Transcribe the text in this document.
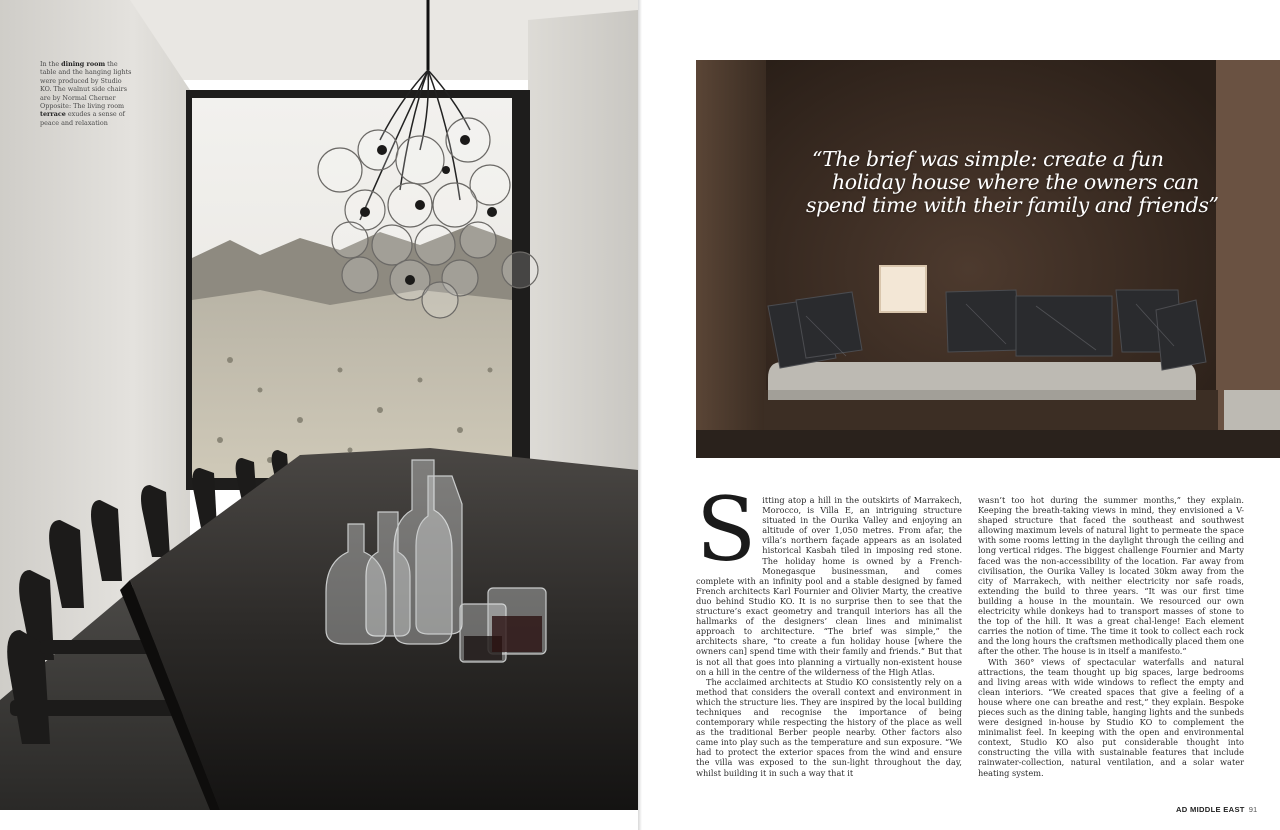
In the dining room the table and the hanging lights were produced by Studio KO. The walnut side chairs are by Normal Cherner Opposite: The living room terrace exudes a sense of peace and relaxation
“The brief was simple: create a fun
holiday house where the owners can
spend time with their family and friends”
S itting atop a hill in the outskirts of Marrakech, Morocco, is Villa E, an intriguing structure situated in the Ourika Valley and enjoying an altitude of over 1,050 metres. From afar, the villa’s northern façade appears as an isolated historical Kasbah tiled in imposing red stone. The holiday home is owned by a French-Monegasque businessman, and comes complete with an infinity pool and a stable designed by famed French architects Karl Fournier and Olivier Marty, the creative duo behind Studio KO. It is no surprise then to see that the structure’s exact geometry and tranquil interiors has all the hallmarks of the designers’ clean lines and minimalist approach to architecture. “The brief was simple,” the architects share, “to create a fun holiday house [where the owners can] spend time with their family and friends.” But that is not all that goes into planning a virtually non-existent house on a hill in the centre of the wilderness of the High Atlas.

The acclaimed architects at Studio KO consistently rely on a method that considers the overall context and environment in which the structure lies. They are inspired by the local building techniques and recognise the importance of being contemporary while respecting the history of the place as well as the traditional Berber people nearby. Other factors also came into play such as the temperature and sun exposure. “We had to protect the exterior spaces from the wind and ensure the villa was exposed to the sun-light throughout the day, whilst building it in such a way that it

wasn’t too hot during the summer months,” they explain. Keeping the breath-taking views in mind, they envisioned a V-shaped structure that faced the southeast and southwest allowing maximum levels of natural light to permeate the space with some rooms letting in the daylight through the ceiling and long vertical ridges. The biggest challenge Fournier and Marty faced was the non-accessibility of the location. Far away from civilisation, the Ourika Valley is located 30km away from the city of Marrakech, with neither electricity nor safe roads, extending the build to three years. “It was our first time building a house in the mountain. We resourced our own electricity while donkeys had to transport masses of stone to the top of the hill. It was a great chal-lenge! Each element carries the notion of time. The time it took to collect each rock and the long hours the craftsmen methodically placed them one after the other. The house is in itself a manifesto.”

With 360° views of spectacular waterfalls and natural attractions, the team thought up big spaces, large bedrooms and living areas with wide windows to reflect the empty and clean interiors. “We created spaces that give a feeling of a house where one can breathe and rest,” they explain. Bespoke pieces such as the dining table, hanging lights and the sunbeds were designed in-house by Studio KO to complement the minimalist feel. In keeping with the open and environmental context, Studio KO also put considerable thought into constructing the villa with sustainable features that include rainwater-collection, natural ventilation, and a solar water heating system.

AD MIDDLE EAST 91
